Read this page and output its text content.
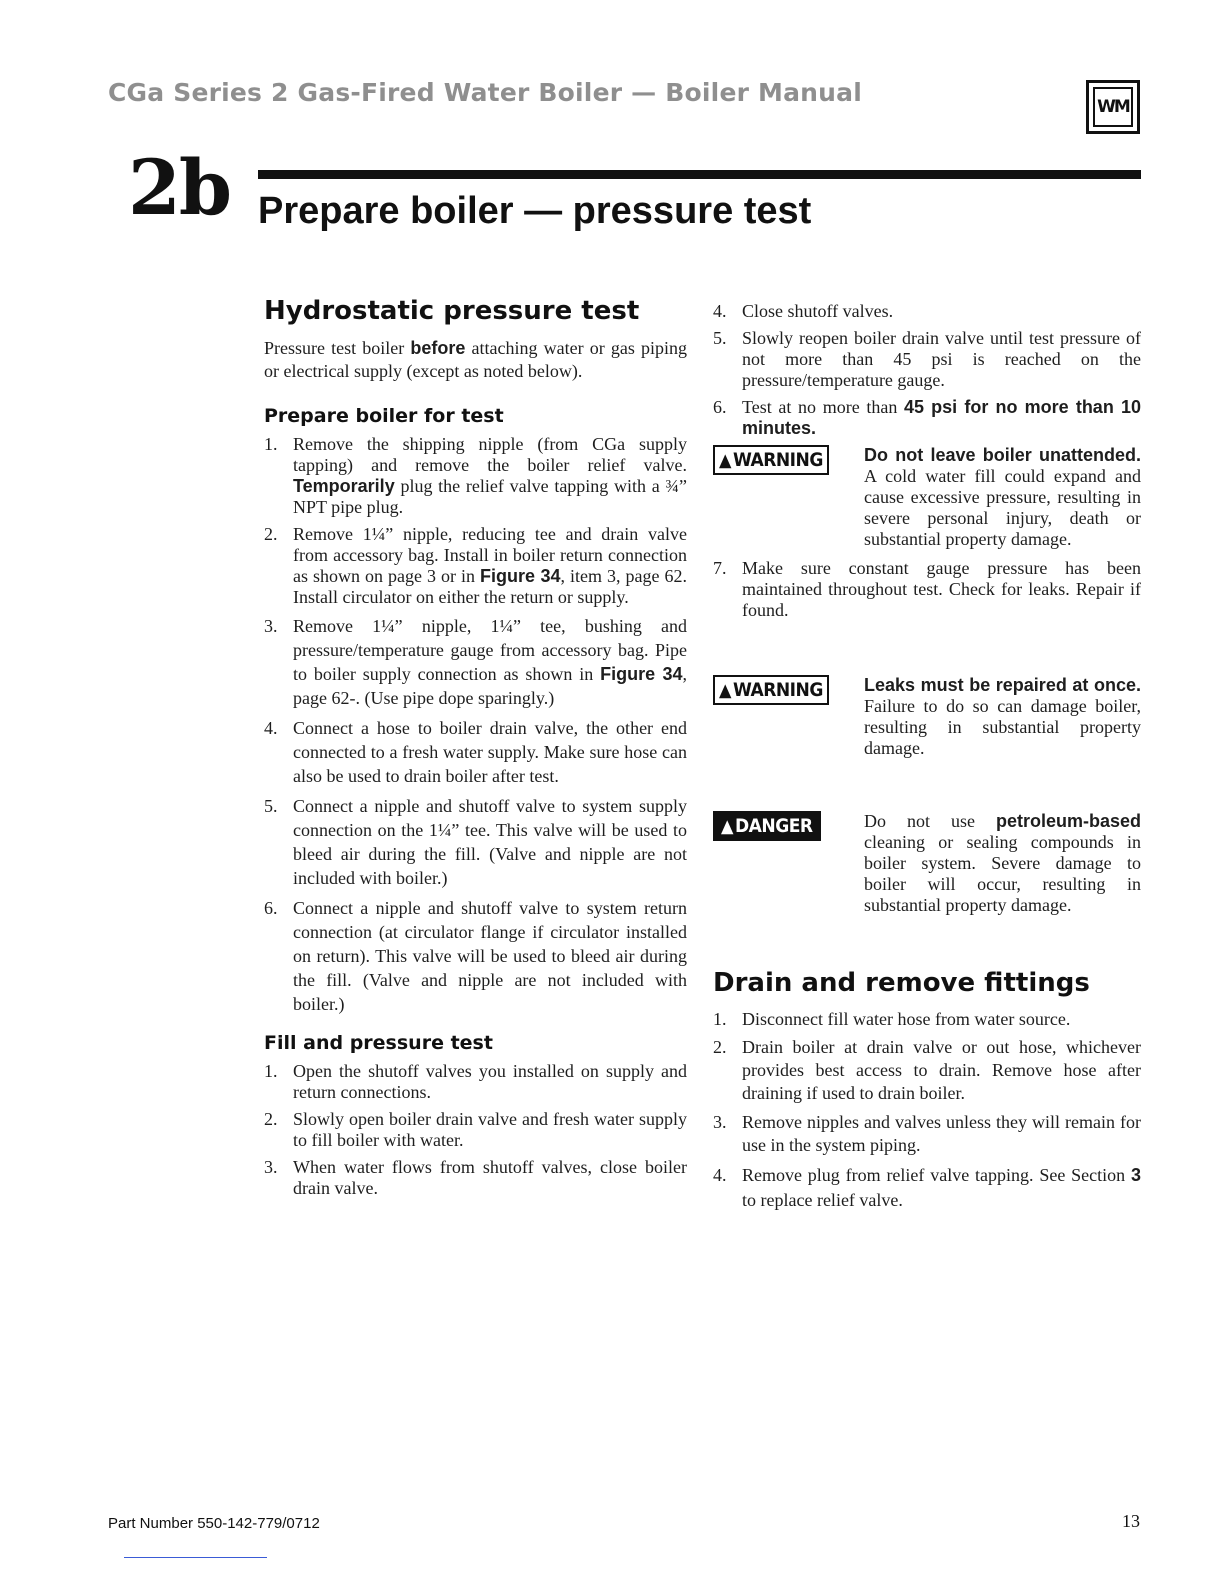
CGa Series 2 Gas-Fired Water Boiler — Boiler Manual	WM
2b Prepare boiler — pressure test
Hydrostatic pressure test

Pressure test boiler before attaching water or gas piping or electrical supply (except as noted below).

Prepare boiler for test
1. Remove the shipping nipple (from CGa supply tapping) and remove the boiler relief valve. Temporarily plug the relief valve tapping with a ¾” NPT pipe plug.
2. Remove 1¼” nipple, reducing tee and drain valve from accessory bag. Install in boiler return connection as shown on page 3 or in Figure 34, item 3, page 62. Install circulator on either the return or supply.
3. Remove 1¼” nipple, 1¼” tee, bushing and pressure/temperature gauge from accessory bag. Pipe to boiler supply connection as shown in Figure 34, page 62-. (Use pipe dope sparingly.)
4. Connect a hose to boiler drain valve, the other end connected to a fresh water supply. Make sure hose can also be used to drain boiler after test.
5. Connect a nipple and shutoff valve to system supply connection on the 1¼” tee. This valve will be used to bleed air during the fill. (Valve and nipple are not included with boiler.)
6. Connect a nipple and shutoff valve to system return connection (at circulator flange if circulator installed on return). This valve will be used to bleed air during the fill. (Valve and nipple are not included with boiler.)
Fill and pressure test
1. Open the shutoff valves you installed on supply and return connections.
2. Slowly open boiler drain valve and fresh water supply to fill boiler with water.
3. When water flows from shutoff valves, close boiler drain valve.
4. Close shutoff valves.
5. Slowly reopen boiler drain valve until test pressure of not more than 45 psi is reached on the pressure/temperature gauge.
6. Test at no more than 45 psi for no more than 10 minutes.
▲ WARNING Do not leave boiler unattended. A cold water fill could expand and cause excessive pressure, resulting in severe personal injury, death or substantial property damage.
7. Make sure constant gauge pressure has been maintained throughout test. Check for leaks. Repair if found.
▲ WARNING Leaks must be repaired at once. Failure to do so can damage boiler, resulting in substantial property damage.
▲ DANGER	Do not use petroleum-based cleaning or sealing compounds in boiler system. Severe damage to boiler will occur, resulting in substantial property damage.
Drain and remove fittings
1. Disconnect fill water hose from water source.
2. Drain boiler at drain valve or out hose, whichever provides best access to drain. Remove hose after draining if used to drain boiler.
3. Remove nipples and valves unless they will remain for use in the system piping.
4. Remove plug from relief valve tapping. See Section 3 to replace relief valve.
Part Number 550-142-779/0712	13
